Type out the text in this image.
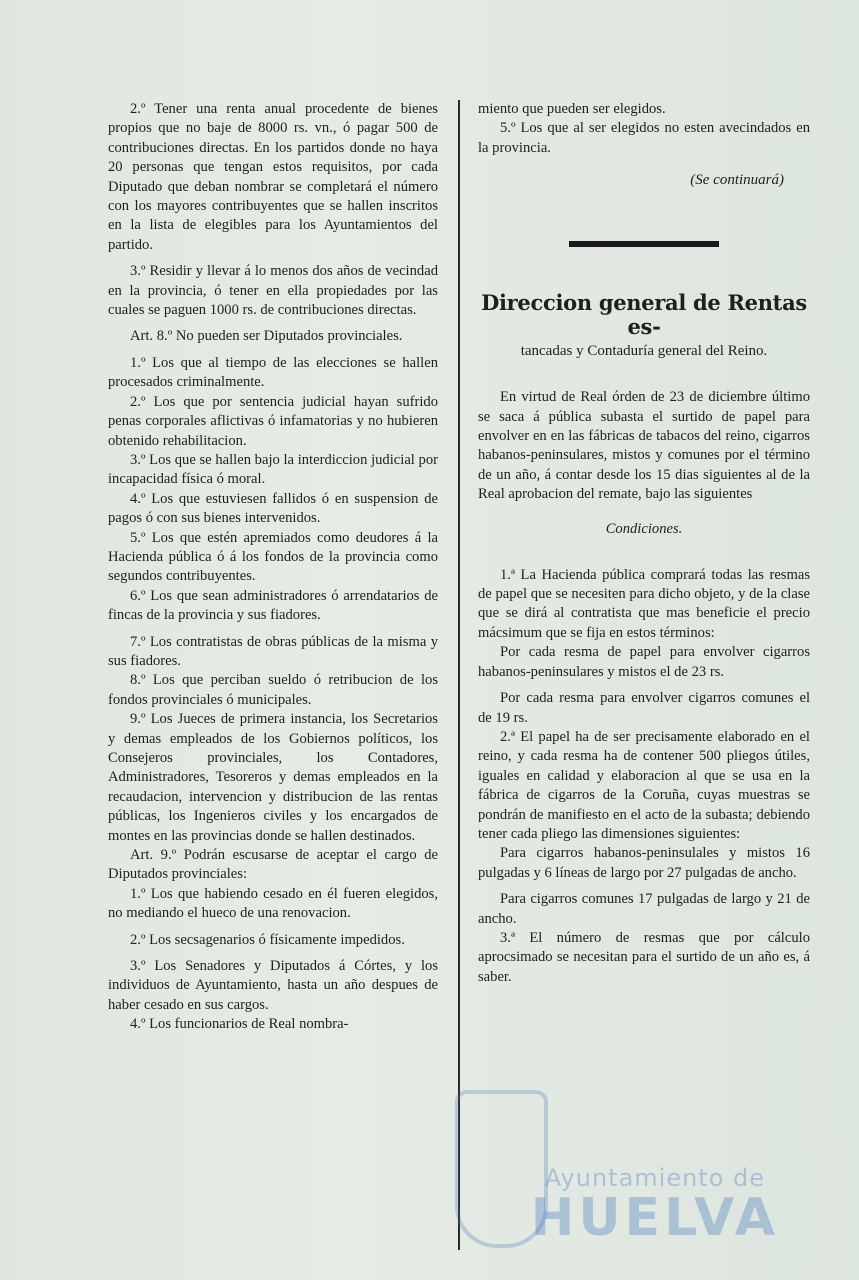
2.º Tener una renta anual procedente de bienes propios que no baje de 8000 rs. vn., ó pagar 500 de contribuciones directas. En los partidos donde no haya 20 personas que tengan estos requisitos, por cada Diputado que deban nombrar se completará el número con los mayores contribuyentes que se hallen inscritos en la lista de elegibles para los Ayuntamientos del partido.

3.º Residir y llevar á lo menos dos años de vecindad en la provincia, ó tener en ella propiedades por las cuales se paguen 1000 rs. de contribuciones directas.

Art. 8.º No pueden ser Diputados provinciales.

1.º Los que al tiempo de las elecciones se hallen procesados criminalmente.

2.º Los que por sentencia judicial hayan sufrido penas corporales aflictivas ó infamatorias y no hubieren obtenido rehabilitacion.

3.º Los que se hallen bajo la interdiccion judicial por incapacidad física ó moral.

4.º Los que estuviesen fallidos ó en suspension de pagos ó con sus bienes intervenidos.

5.º Los que estén apremiados como deudores á la Hacienda pública ó á los fondos de la provincia como segundos contribuyentes.

6.º Los que sean administradores ó arrendatarios de fincas de la provincia y sus fiadores.

7.º Los contratistas de obras públicas de la misma y sus fiadores.

8.º Los que perciban sueldo ó retribucion de los fondos provinciales ó municipales.

9.º Los Jueces de primera instancia, los Secretarios y demas empleados de los Gobiernos políticos, los Consejeros provinciales, los Contadores, Administradores, Tesoreros y demas empleados en la recaudacion, intervencion y distribucion de las rentas públicas, los Ingenieros civiles y los encargados de montes en las provincias donde se hallen destinados.

Art. 9.º Podrán escusarse de aceptar el cargo de Diputados provinciales:

1.º Los que habiendo cesado en él fueren elegidos, no mediando el hueco de una renovacion.

2.º Los secsagenarios ó físicamente impedidos.

3.º Los Senadores y Diputados á Córtes, y los individuos de Ayuntamiento, hasta un año despues de haber cesado en sus cargos.

4.º Los funcionarios de Real nombra-

miento que pueden ser elegidos.

5.º Los que al ser elegidos no esten avecindados en la provincia.

(Se continuará)
Direccion general de Rentas es-
tancadas y Contaduría general del Reino.

En virtud de Real órden de 23 de diciembre último se saca á pública subasta el surtido de papel para envolver en en las fábricas de tabacos del reino, cigarros habanos-peninsulares, mistos y comunes por el término de un año, á contar desde los 15 dias siguientes al de la Real aprobacion del remate, bajo las siguientes

Condiciones.

1.ª La Hacienda pública comprará todas las resmas de papel que se necesiten para dicho objeto, y de la clase que se dirá al contratista que mas beneficie el precio mácsimum que se fija en estos términos:

Por cada resma de papel para envolver cigarros habanos-peninsulares y mistos el de 23 rs.

Por cada resma para envolver cigarros comunes el de 19 rs.

2.ª El papel ha de ser precisamente elaborado en el reino, y cada resma ha de contener 500 pliegos útiles, iguales en calidad y elaboracion al que se usa en la fábrica de cigarros de la Coruña, cuyas muestras se pondrán de manifiesto en el acto de la subasta; debiendo tener cada pliego las dimensiones siguientes:

Para cigarros habanos-peninsulales y mistos 16 pulgadas y 6 líneas de largo por 27 pulgadas de ancho.

Para cigarros comunes 17 pulgadas de largo y 21 de ancho.

3.ª El número de resmas que por cálculo aprocsimado se necesitan para el surtido de un año es, á saber.

Ayuntamiento de
HUELVA
